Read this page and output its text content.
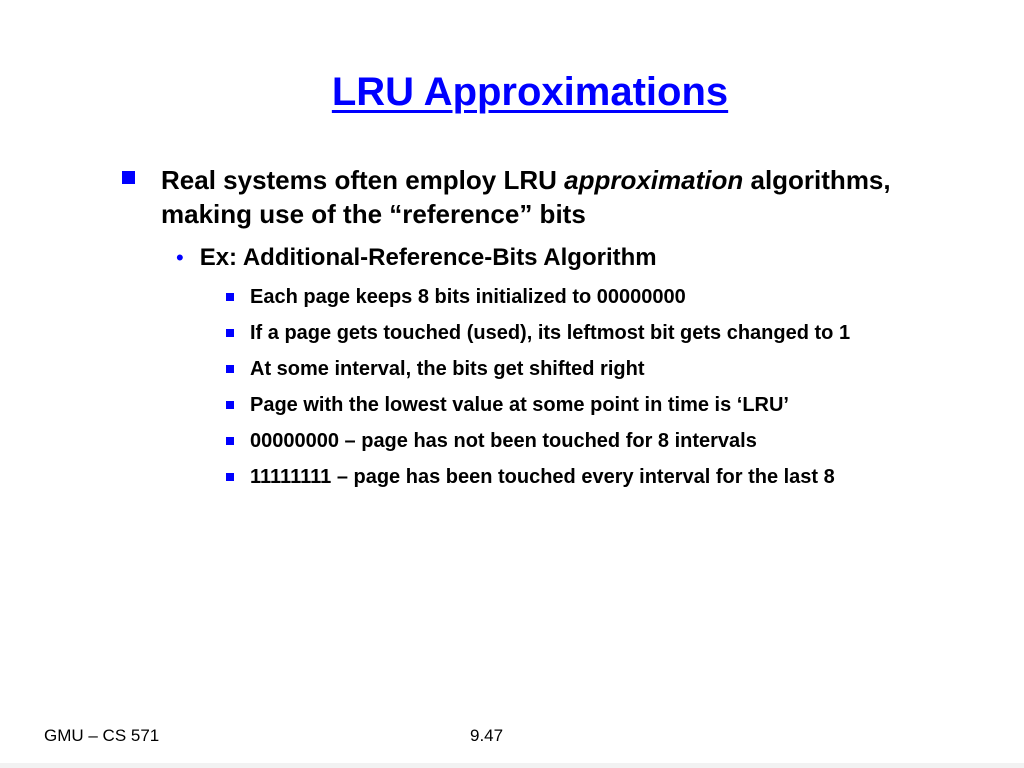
LRU Approximations
Real systems often employ LRU approximation algorithms, making use of the “reference” bits
• Ex: Additional-Reference-Bits Algorithm
Each page keeps 8 bits initialized to 00000000
If a page gets touched (used), its leftmost bit gets changed to 1
At some interval, the bits get shifted right
Page with the lowest value at some point in time is ‘LRU’
00000000 – page has not been touched for 8 intervals
11111111 – page has been touched every interval for the last 8
GMU – CS 571	9.47
